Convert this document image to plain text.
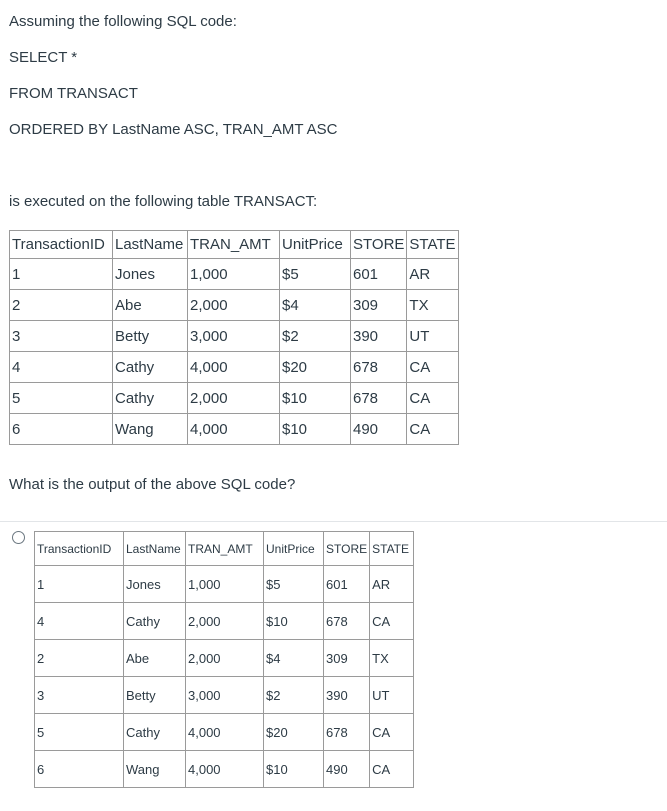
Assuming the following SQL code:
SELECT *
FROM TRANSACT
ORDERED BY LastName ASC, TRAN_AMT ASC
is executed on the following table TRANSACT:
TransactionID	LastName	TRAN_AMT	UnitPrice	STORE	STATE
1	Jones	1,000	$5	601	AR
2	Abe	2,000	$4	309	TX
3	Betty	3,000	$2	390	UT
4	Cathy	4,000	$20	678	CA
5	Cathy	2,000	$10	678	CA
6	Wang	4,000	$10	490	CA
What is the output of the above SQL code?
TransactionID	LastName	TRAN_AMT	UnitPrice	STORE	STATE
1	Jones	1,000	$5	601	AR
4	Cathy	2,000	$10	678	CA
2	Abe	2,000	$4	309	TX
3	Betty	3,000	$2	390	UT
5	Cathy	4,000	$20	678	CA
6	Wang	4,000	$10	490	CA
